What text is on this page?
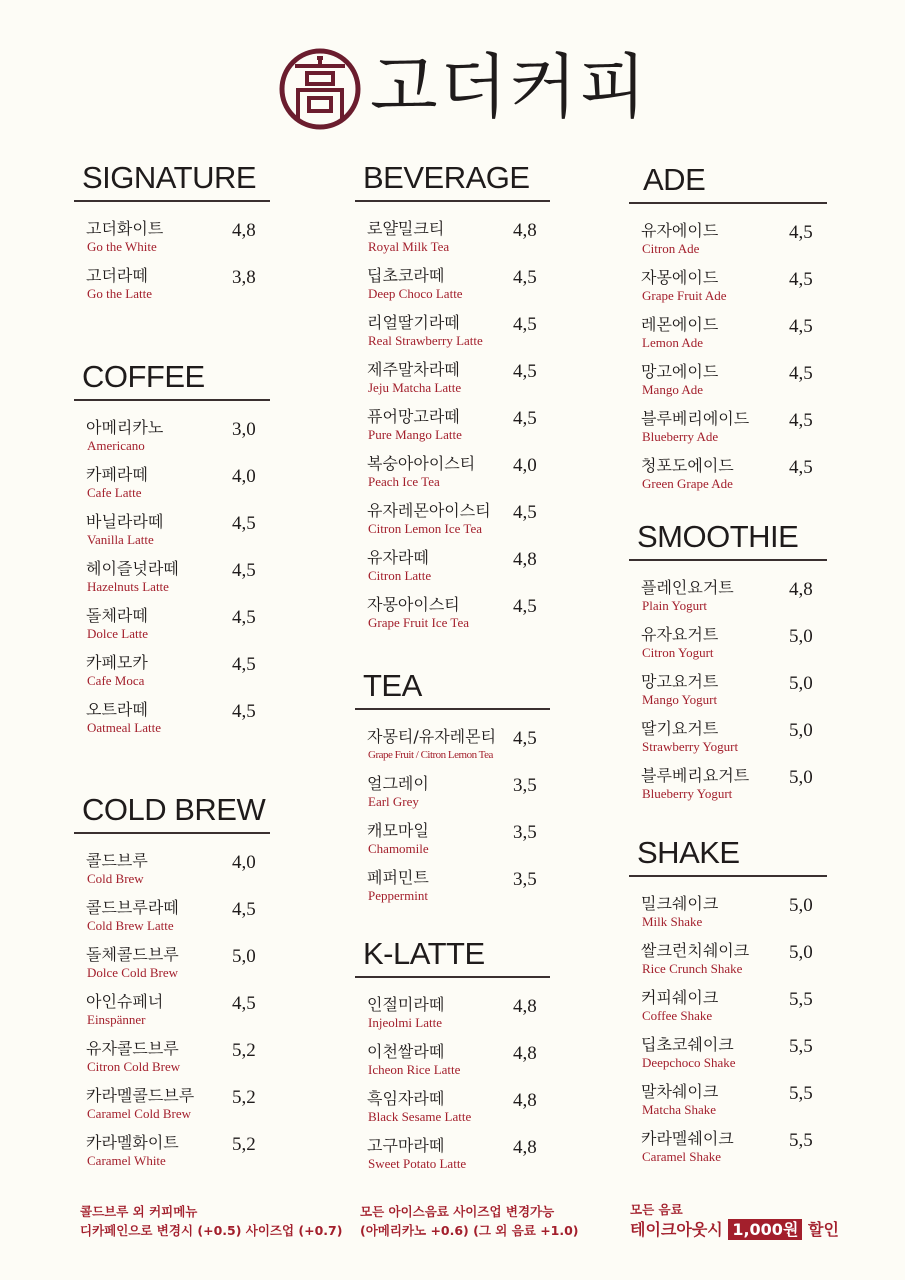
고더커피
SIGNATURE
고더화이트
Go the White
4,8
고더라떼
Go the Latte
3,8
COFFEE
아메리카노
Americano
3,0
카페라떼
Cafe Latte
4,0
바닐라라떼
Vanilla Latte
4,5
헤이즐넛라떼
Hazelnuts Latte
4,5
돌체라떼
Dolce Latte
4,5
카페모카
Cafe Moca
4,5
오트라떼
Oatmeal Latte
4,5
COLD BREW
콜드브루
Cold Brew
4,0
콜드브루라떼
Cold Brew Latte
4,5
돌체콜드브루
Dolce Cold Brew
5,0
아인슈페너
Einspänner
4,5
유자콜드브루
Citron Cold Brew
5,2
카라멜콜드브루
Caramel Cold Brew
5,2
카라멜화이트
Caramel White
5,2
BEVERAGE
로얄밀크티
Royal Milk Tea
4,8
딥초코라떼
Deep Choco Latte
4,5
리얼딸기라떼
Real Strawberry Latte
4,5
제주말차라떼
Jeju Matcha Latte
4,5
퓨어망고라떼
Pure Mango Latte
4,5
복숭아아이스티
Peach Ice Tea
4,0
유자레몬아이스티
Citron Lemon Ice Tea
4,5
유자라떼
Citron Latte
4,8
자몽아이스티
Grape Fruit Ice Tea
4,5
TEA
자몽티/유자레몬티
Grape Fruit / Citron Lemon Tea
4,5
얼그레이
Earl Grey
3,5
캐모마일
Chamomile
3,5
페퍼민트
Peppermint
3,5
K-LATTE
인절미라떼
Injeolmi Latte
4,8
이천쌀라떼
Icheon Rice Latte
4,8
흑임자라떼
Black Sesame Latte
4,8
고구마라떼
Sweet Potato Latte
4,8
ADE
유자에이드
Citron Ade
4,5
자몽에이드
Grape Fruit Ade
4,5
레몬에이드
Lemon Ade
4,5
망고에이드
Mango Ade
4,5
블루베리에이드
Blueberry Ade
4,5
청포도에이드
Green Grape Ade
4,5
SMOOTHIE
플레인요거트
Plain Yogurt
4,8
유자요거트
Citron Yogurt
5,0
망고요거트
Mango Yogurt
5,0
딸기요거트
Strawberry Yogurt
5,0
블루베리요거트
Blueberry Yogurt
5,0
SHAKE
밀크쉐이크
Milk Shake
5,0
쌀크런치쉐이크
Rice Crunch Shake
5,0
커피쉐이크
Coffee Shake
5,5
딥초코쉐이크
Deepchoco Shake
5,5
말차쉐이크
Matcha Shake
5,5
카라멜쉐이크
Caramel Shake
5,5
콜드브루 외 커피메뉴
디카페인으로 변경시 (+0.5) 사이즈업 (+0.7)
모든 아이스음료 사이즈업 변경가능
(아메리카노 +0.6) (그 외 음료 +1.0)
모든 음료
테이크아웃시 1,000원 할인
